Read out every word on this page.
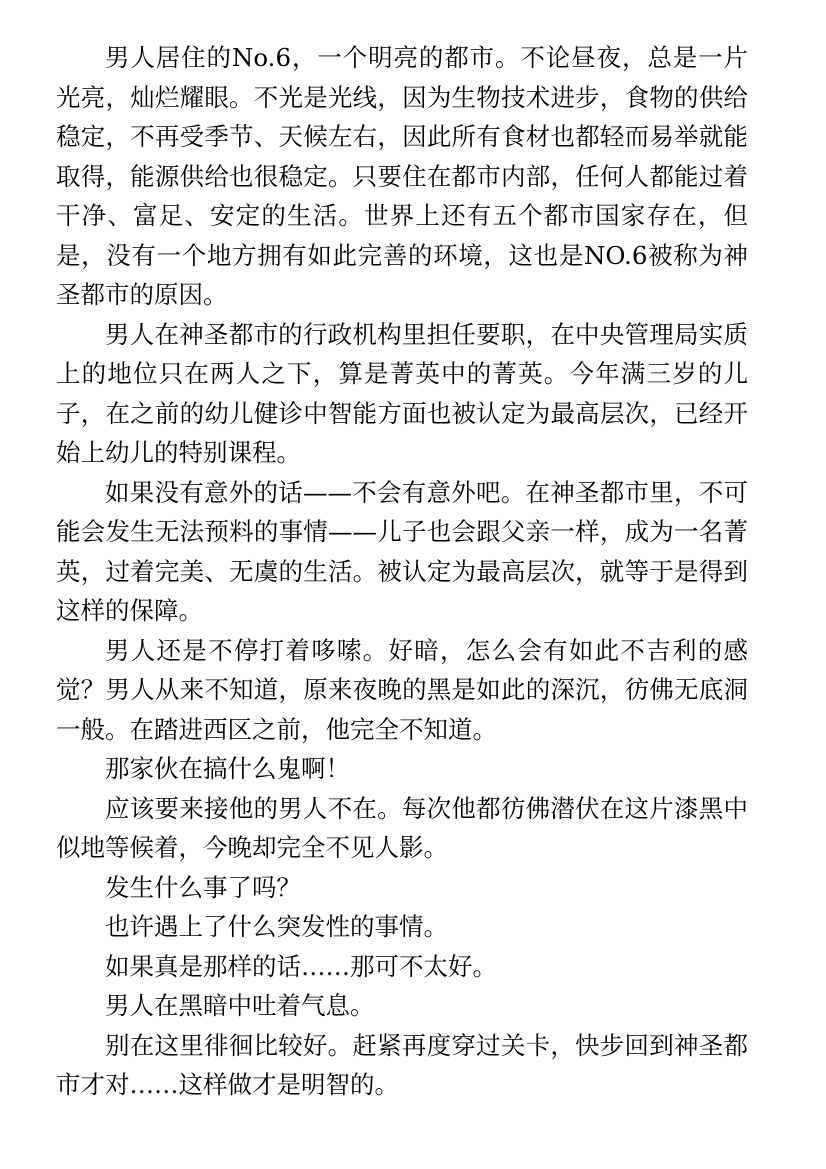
男人居住的No.6，一个明亮的都市。不论昼夜，总是一片光亮，灿烂耀眼。不光是光线，因为生物技术进步，食物的供给稳定，不再受季节、天候左右，因此所有食材也都轻而易举就能取得，能源供给也很稳定。只要住在都市内部，任何人都能过着干净、富足、安定的生活。世界上还有五个都市国家存在，但是，没有一个地方拥有如此完善的环境，这也是NO.6被称为神圣都市的原因。

男人在神圣都市的行政机构里担任要职，在中央管理局实质上的地位只在两人之下，算是菁英中的菁英。今年满三岁的儿子，在之前的幼儿健诊中智能方面也被认定为最高层次，已经开始上幼儿的特别课程。

如果没有意外的话——不会有意外吧。在神圣都市里，不可能会发生无法预料的事情——儿子也会跟父亲一样，成为一名菁英，过着完美、无虞的生活。被认定为最高层次，就等于是得到这样的保障。

男人还是不停打着哆嗦。好暗，怎么会有如此不吉利的感觉？男人从来不知道，原来夜晚的黑是如此的深沉，彷佛无底洞一般。在踏进西区之前，他完全不知道。

那家伙在搞什么鬼啊！

应该要来接他的男人不在。每次他都彷佛潜伏在这片漆黑中似地等候着，今晚却完全不见人影。

发生什么事了吗？

也许遇上了什么突发性的事情。

如果真是那样的话……那可不太好。

男人在黑暗中吐着气息。

别在这里徘徊比较好。赶紧再度穿过关卡，快步回到神圣都市才对……这样做才是明智的。
